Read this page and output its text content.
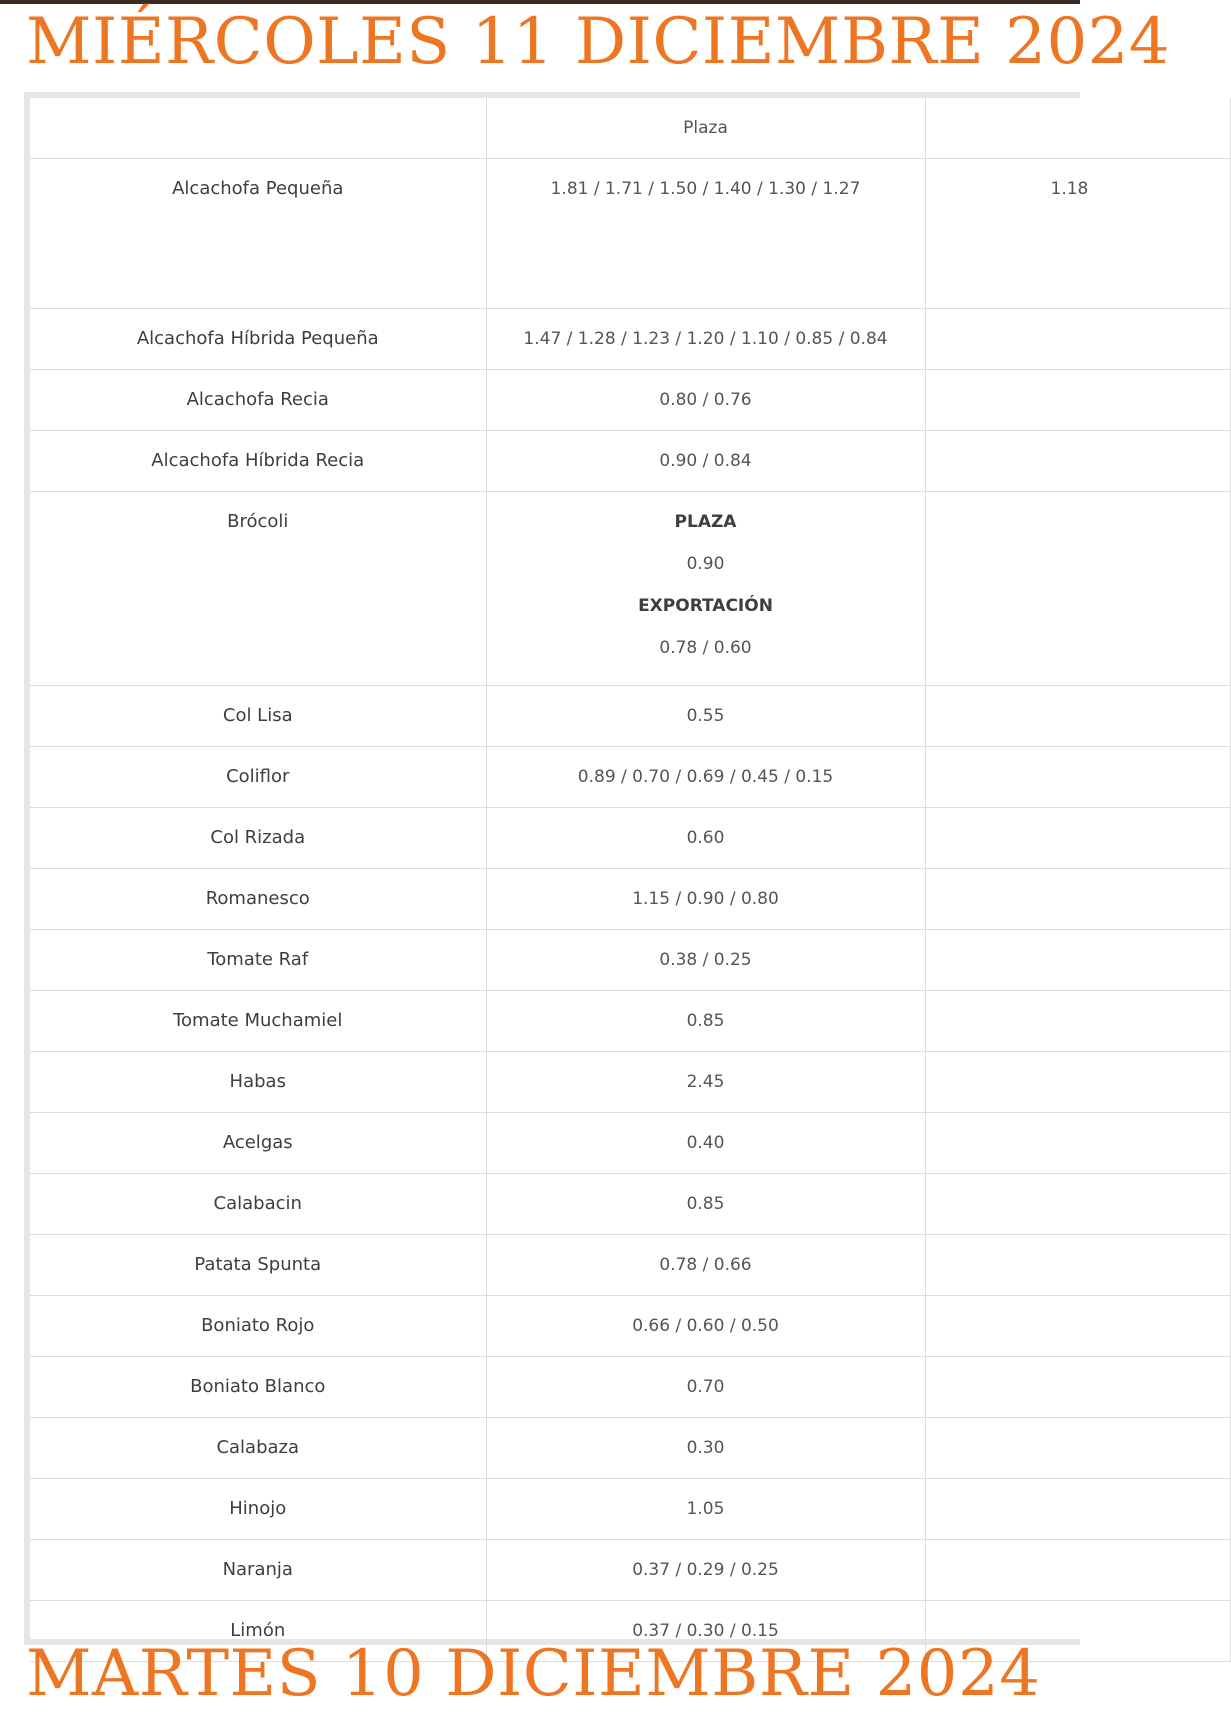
MIÉRCOLES 11 DICIEMBRE 2024
	Plaza	
Alcachofa Pequeña	1.81 / 1.71 / 1.50 / 1.40 / 1.30 / 1.27	1.18
Alcachofa Híbrida Pequeña	1.47 / 1.28 / 1.23 / 1.20 / 1.10 / 0.85 / 0.84	
Alcachofa Recia	0.80 / 0.76	
Alcachofa Híbrida Recia	0.90 / 0.84	
Brócoli	PLAZA
0.90
EXPORTACIÓN
0.78 / 0.60	

Col Lisa	0.55	
Coliflor	0.89 / 0.70 / 0.69 / 0.45 / 0.15	
Col Rizada	0.60	
Romanesco	1.15 / 0.90 / 0.80	
Tomate Raf	0.38 / 0.25	
Tomate Muchamiel	0.85	
Habas	2.45	
Acelgas	0.40	
Calabacin	0.85	
Patata Spunta	0.78 / 0.66	
Boniato Rojo	0.66 / 0.60 / 0.50	
Boniato Blanco	0.70	
Calabaza	0.30	
Hinojo	1.05	
Naranja	0.37 / 0.29 / 0.25	
Limón	0.37 / 0.30 / 0.15	
MARTES 10 DICIEMBRE 2024
